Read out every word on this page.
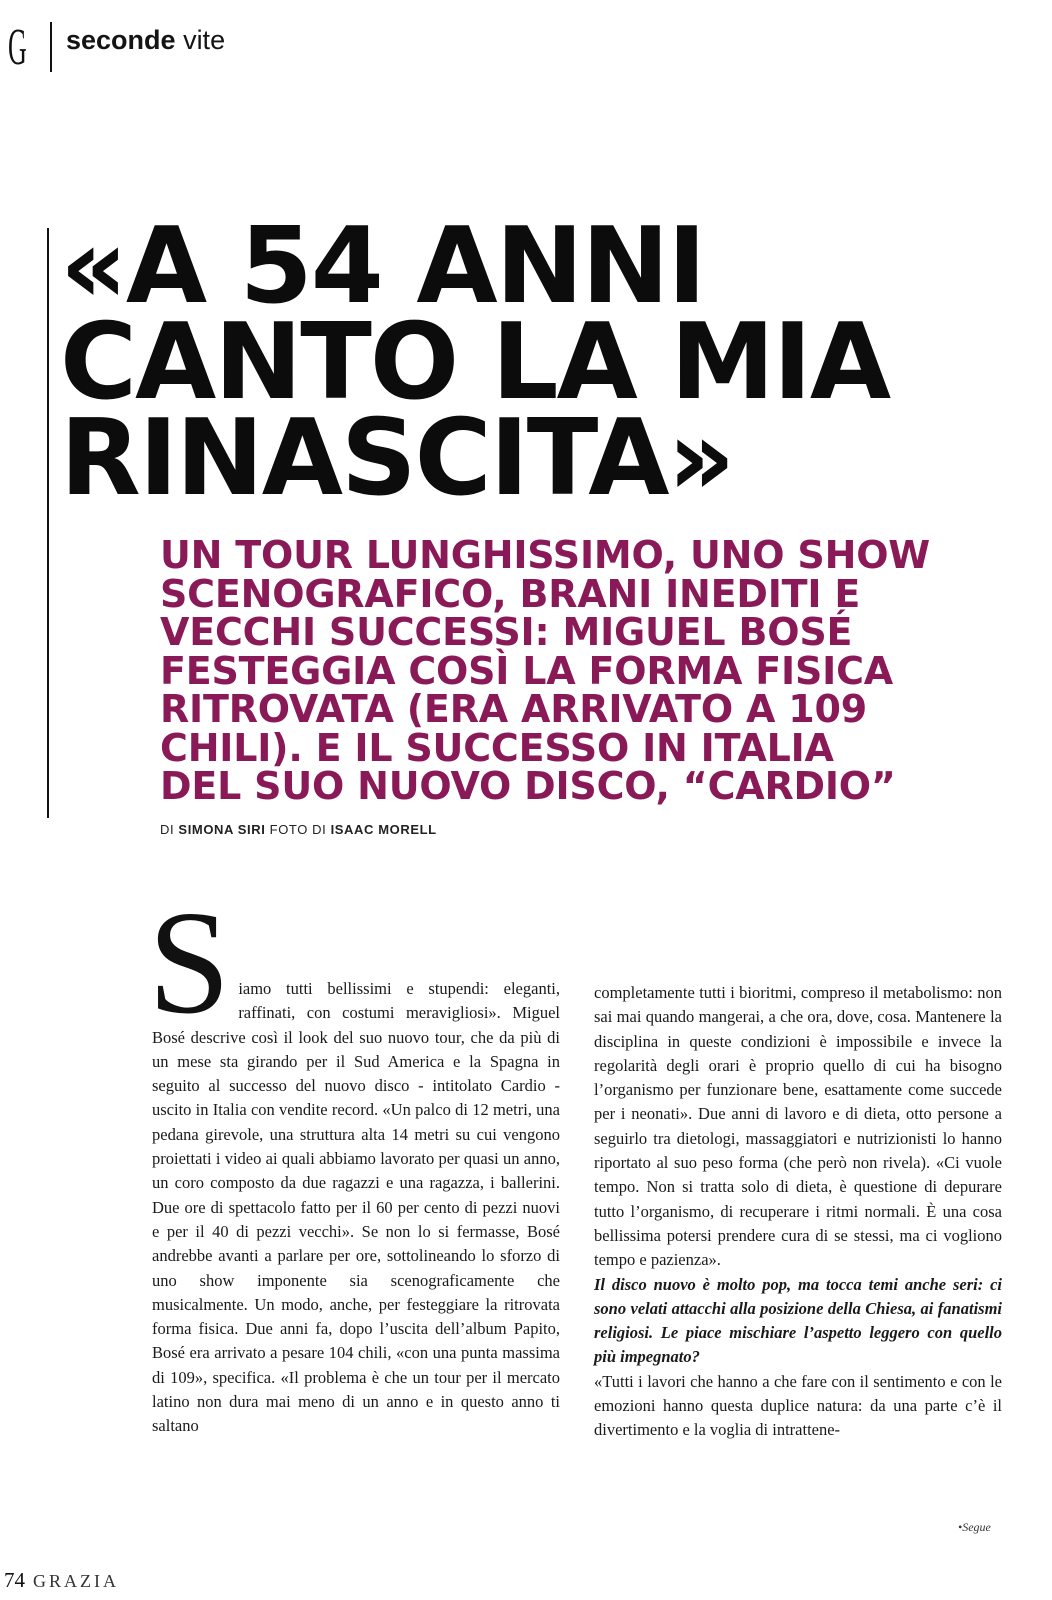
G seconde vite
«A 54 ANNI
CANTO LA MIA
RINASCITA»
UN TOUR LUNGHISSIMO, UNO SHOW
SCENOGRAFICO, BRANI INEDITI E
VECCHI SUCCESSI: MIGUEL BOSÉ
FESTEGGIA COSÌ LA FORMA FISICA
RITROVATA (ERA ARRIVATO A 109
CHILI). E IL SUCCESSO IN ITALIA
DEL SUO NUOVO DISCO, “CARDIO”
DI SIMONA SIRI FOTO DI ISAAC MORELL
S iamo tutti bellissimi e stupendi: eleganti, raffinati, con costumi meravigliosi». Miguel Bosé descrive così il look del suo nuovo tour, che da più di un mese sta girando per il Sud America e la Spagna in seguito al successo del nuovo disco - intitolato Cardio - uscito in Italia con vendite record. «Un palco di 12 metri, una pedana girevole, una struttura alta 14 metri su cui vengono proiettati i video ai quali abbiamo lavorato per quasi un anno, un coro composto da due ragazzi e una ragazza, i ballerini. Due ore di spettacolo fatto per il 60 per cento di pezzi nuovi e per il 40 di pezzi vecchi». Se non lo si fermasse, Bosé andrebbe avanti a parlare per ore, sottolineando lo sforzo di uno show imponente sia scenograficamente che musicalmente. Un modo, anche, per festeggiare la ritrovata forma fisica. Due anni fa, dopo l’uscita dell’album Papito, Bosé era arrivato a pesare 104 chili, «con una punta massima di 109», specifica. «Il problema è che un tour per il mercato latino non dura mai meno di un anno e in questo anno ti saltano

completamente tutti i bioritmi, compreso il metabolismo: non sai mai quando mangerai, a che ora, dove, cosa. Mantenere la disciplina in queste condizioni è impossibile e invece la regolarità degli orari è proprio quello di cui ha bisogno l’organismo per funzionare bene, esattamente come succede per i neonati». Due anni di lavoro e di dieta, otto persone a seguirlo tra dietologi, massaggiatori e nutrizionisti lo hanno riportato al suo peso forma (che però non rivela). «Ci vuole tempo. Non si tratta solo di dieta, è questione di depurare tutto l’organismo, di recuperare i ritmi normali. È una cosa bellissima potersi prendere cura di se stessi, ma ci vogliono tempo e pazienza».

Il disco nuovo è molto pop, ma tocca temi anche seri: ci sono velati attacchi alla posizione della Chiesa, ai fanatismi religiosi. Le piace mischiare l’aspetto leggero con quello più impegnato?

«Tutti i lavori che hanno a che fare con il sentimento e con le emozioni hanno questa duplice natura: da una parte c’è il divertimento e la voglia di intrattene-

•Segue
74 GRAZIA
